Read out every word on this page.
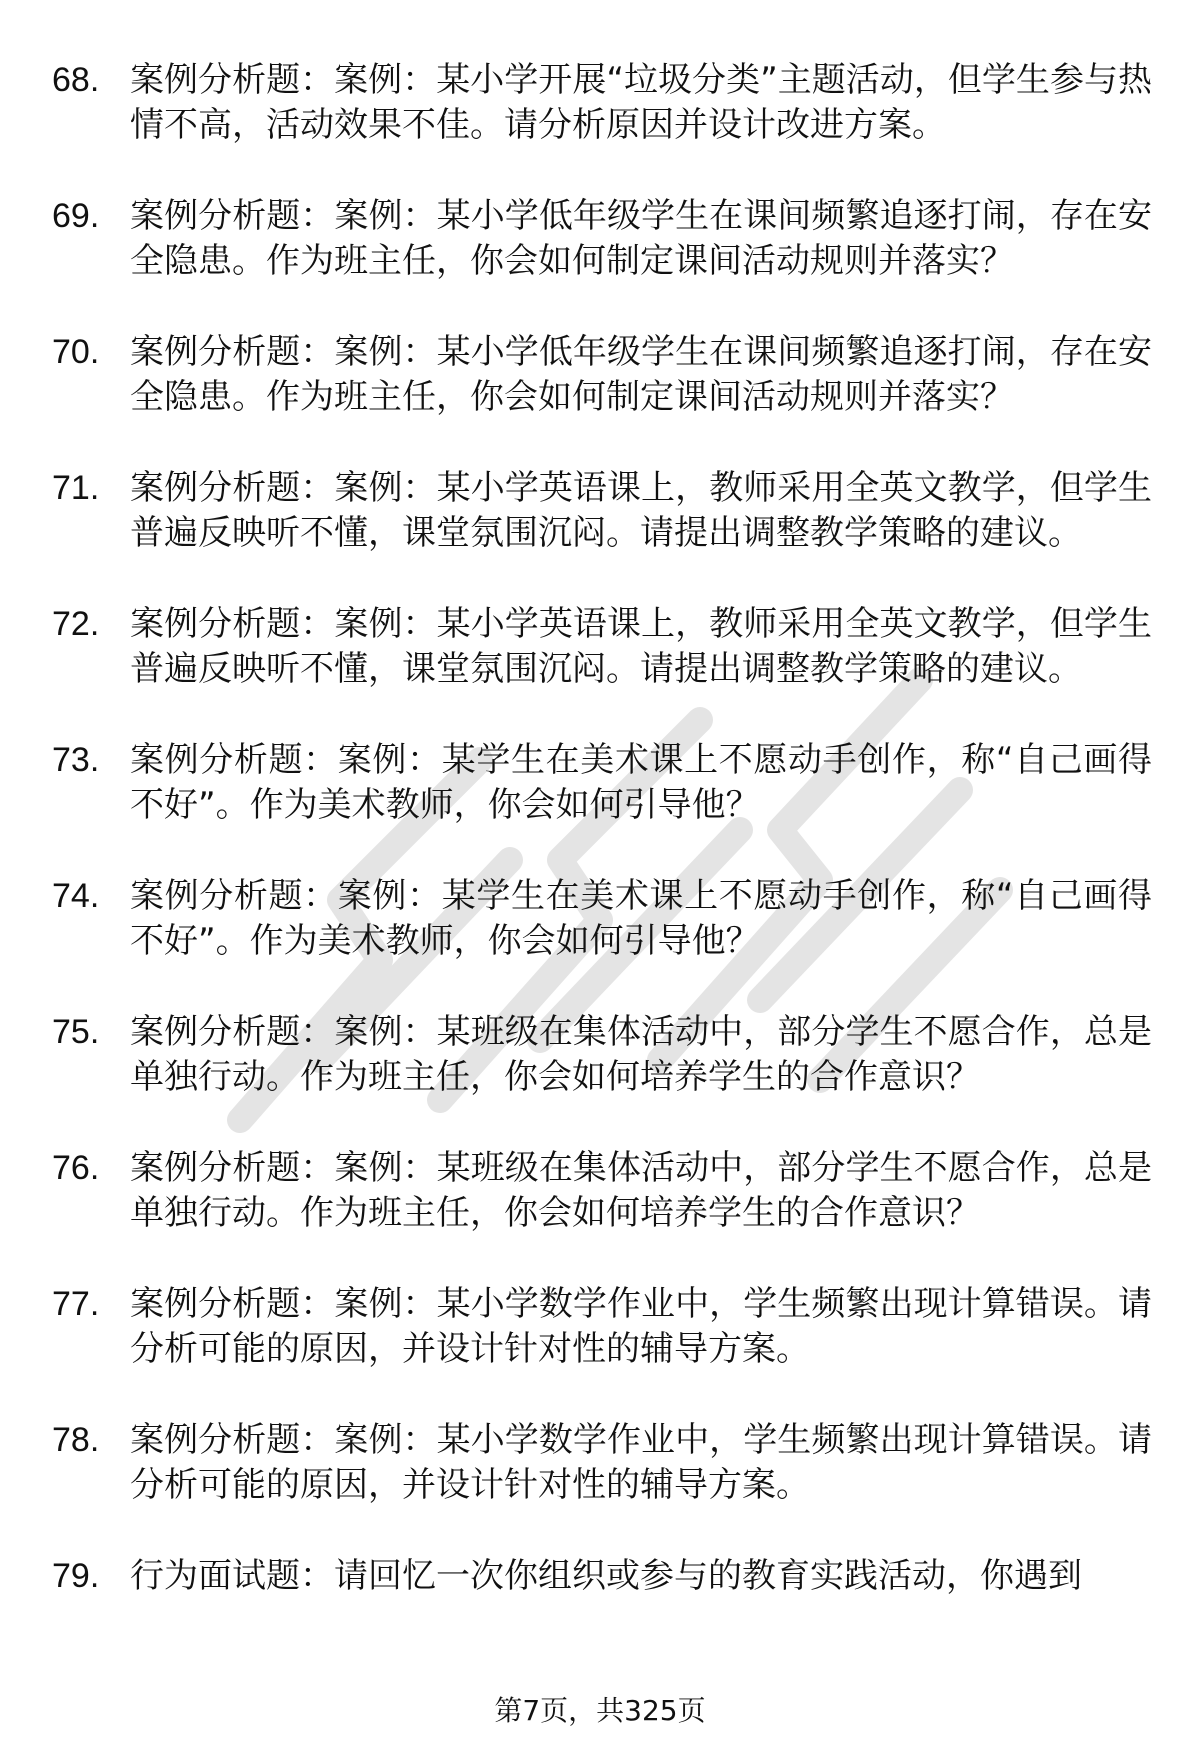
68. 案例分析题：案例：某小学开展“垃圾分类”主题活动，但学生参与热情不高，活动效果不佳。请分析原因并设计改进方案。
69. 案例分析题：案例：某小学低年级学生在课间频繁追逐打闹，存在安全隐患。作为班主任，你会如何制定课间活动规则并落实？
70. 案例分析题：案例：某小学低年级学生在课间频繁追逐打闹，存在安全隐患。作为班主任，你会如何制定课间活动规则并落实？
71. 案例分析题：案例：某小学英语课上，教师采用全英文教学，但学生普遍反映听不懂，课堂氛围沉闷。请提出调整教学策略的建议。
72. 案例分析题：案例：某小学英语课上，教师采用全英文教学，但学生普遍反映听不懂，课堂氛围沉闷。请提出调整教学策略的建议。
73. 案例分析题：案例：某学生在美术课上不愿动手创作，称“自己画得不好”。作为美术教师，你会如何引导他？
74. 案例分析题：案例：某学生在美术课上不愿动手创作，称“自己画得不好”。作为美术教师，你会如何引导他？
75. 案例分析题：案例：某班级在集体活动中，部分学生不愿合作，总是单独行动。作为班主任，你会如何培养学生的合作意识？
76. 案例分析题：案例：某班级在集体活动中，部分学生不愿合作，总是单独行动。作为班主任，你会如何培养学生的合作意识？
77. 案例分析题：案例：某小学数学作业中，学生频繁出现计算错误。请分析可能的原因，并设计针对性的辅导方案。
78. 案例分析题：案例：某小学数学作业中，学生频繁出现计算错误。请分析可能的原因，并设计针对性的辅导方案。
79. 行为面试题：请回忆一次你组织或参与的教育实践活动，你遇到
第7页，共325页
